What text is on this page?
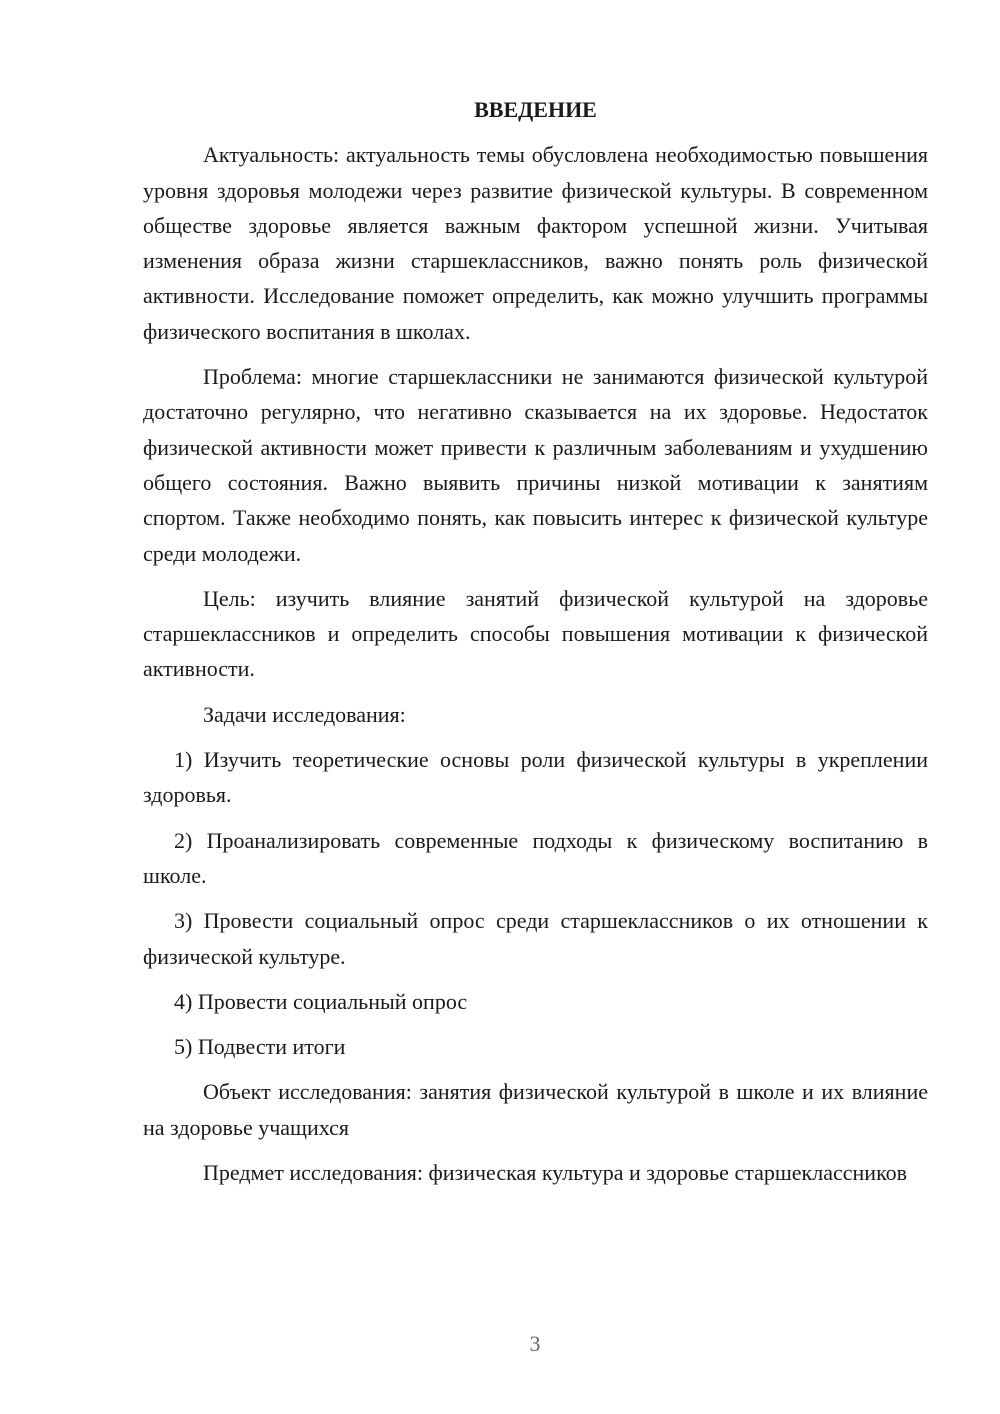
ВВЕДЕНИЕ

Актуальность: актуальность темы обусловлена необходимостью повышения уровня здоровья молодежи через развитие физической культуры. В современном обществе здоровье является важным фактором успешной жизни. Учитывая изменения образа жизни старшеклассников, важно понять роль физической активности. Исследование поможет определить, как можно улучшить программы физического воспитания в школах.

Проблема: многие старшеклассники не занимаются физической культурой достаточно регулярно, что негативно сказывается на их здоровье. Недостаток физической активности может привести к различным заболеваниям и ухудшению общего состояния. Важно выявить причины низкой мотивации к занятиям спортом. Также необходимо понять, как повысить интерес к физической культуре среди молодежи.

Цель: изучить влияние занятий физической культурой на здоровье старшеклассников и определить способы повышения мотивации к физической активности.

Задачи исследования:

1) Изучить теоретические основы роли физической культуры в укреплении здоровья.

2) Проанализировать современные подходы к физическому воспитанию в школе.

3) Провести социальный опрос среди старшеклассников о их отношении к физической культуре.

4) Провести социальный опрос

5) Подвести итоги

Объект исследования: занятия физической культурой в школе и их влияние на здоровье учащихся

Предмет исследования: физическая культура и здоровье старшеклассников

3
